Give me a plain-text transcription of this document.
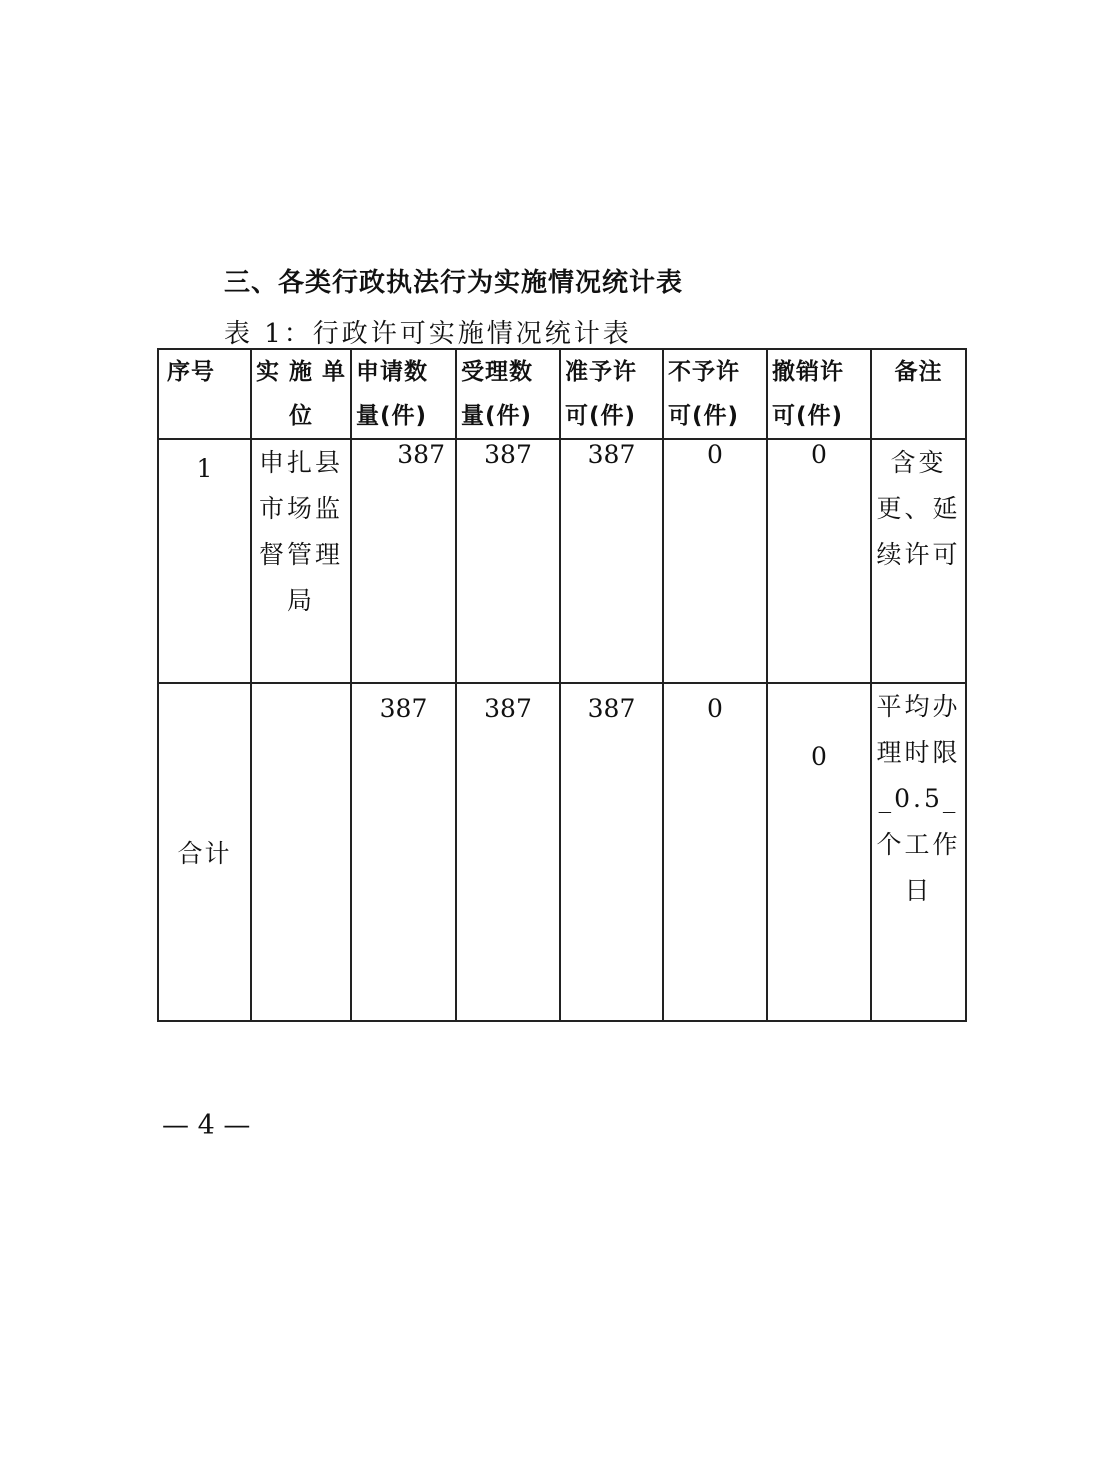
三、各类行政执法行为实施情况统计表
表 1：行政许可实施情况统计表
序号	实 施 单 位	申请数量(件)	受理数量(件)	准予许可(件)	不予许可(件)	撤销许可(件)	备注
1	申扎县市场监督管理局	387	387	387	0	0	含变更、延续许可
合计		387	387	387	0	0	平均办理时限_0.5_个工作日
— 4 —
